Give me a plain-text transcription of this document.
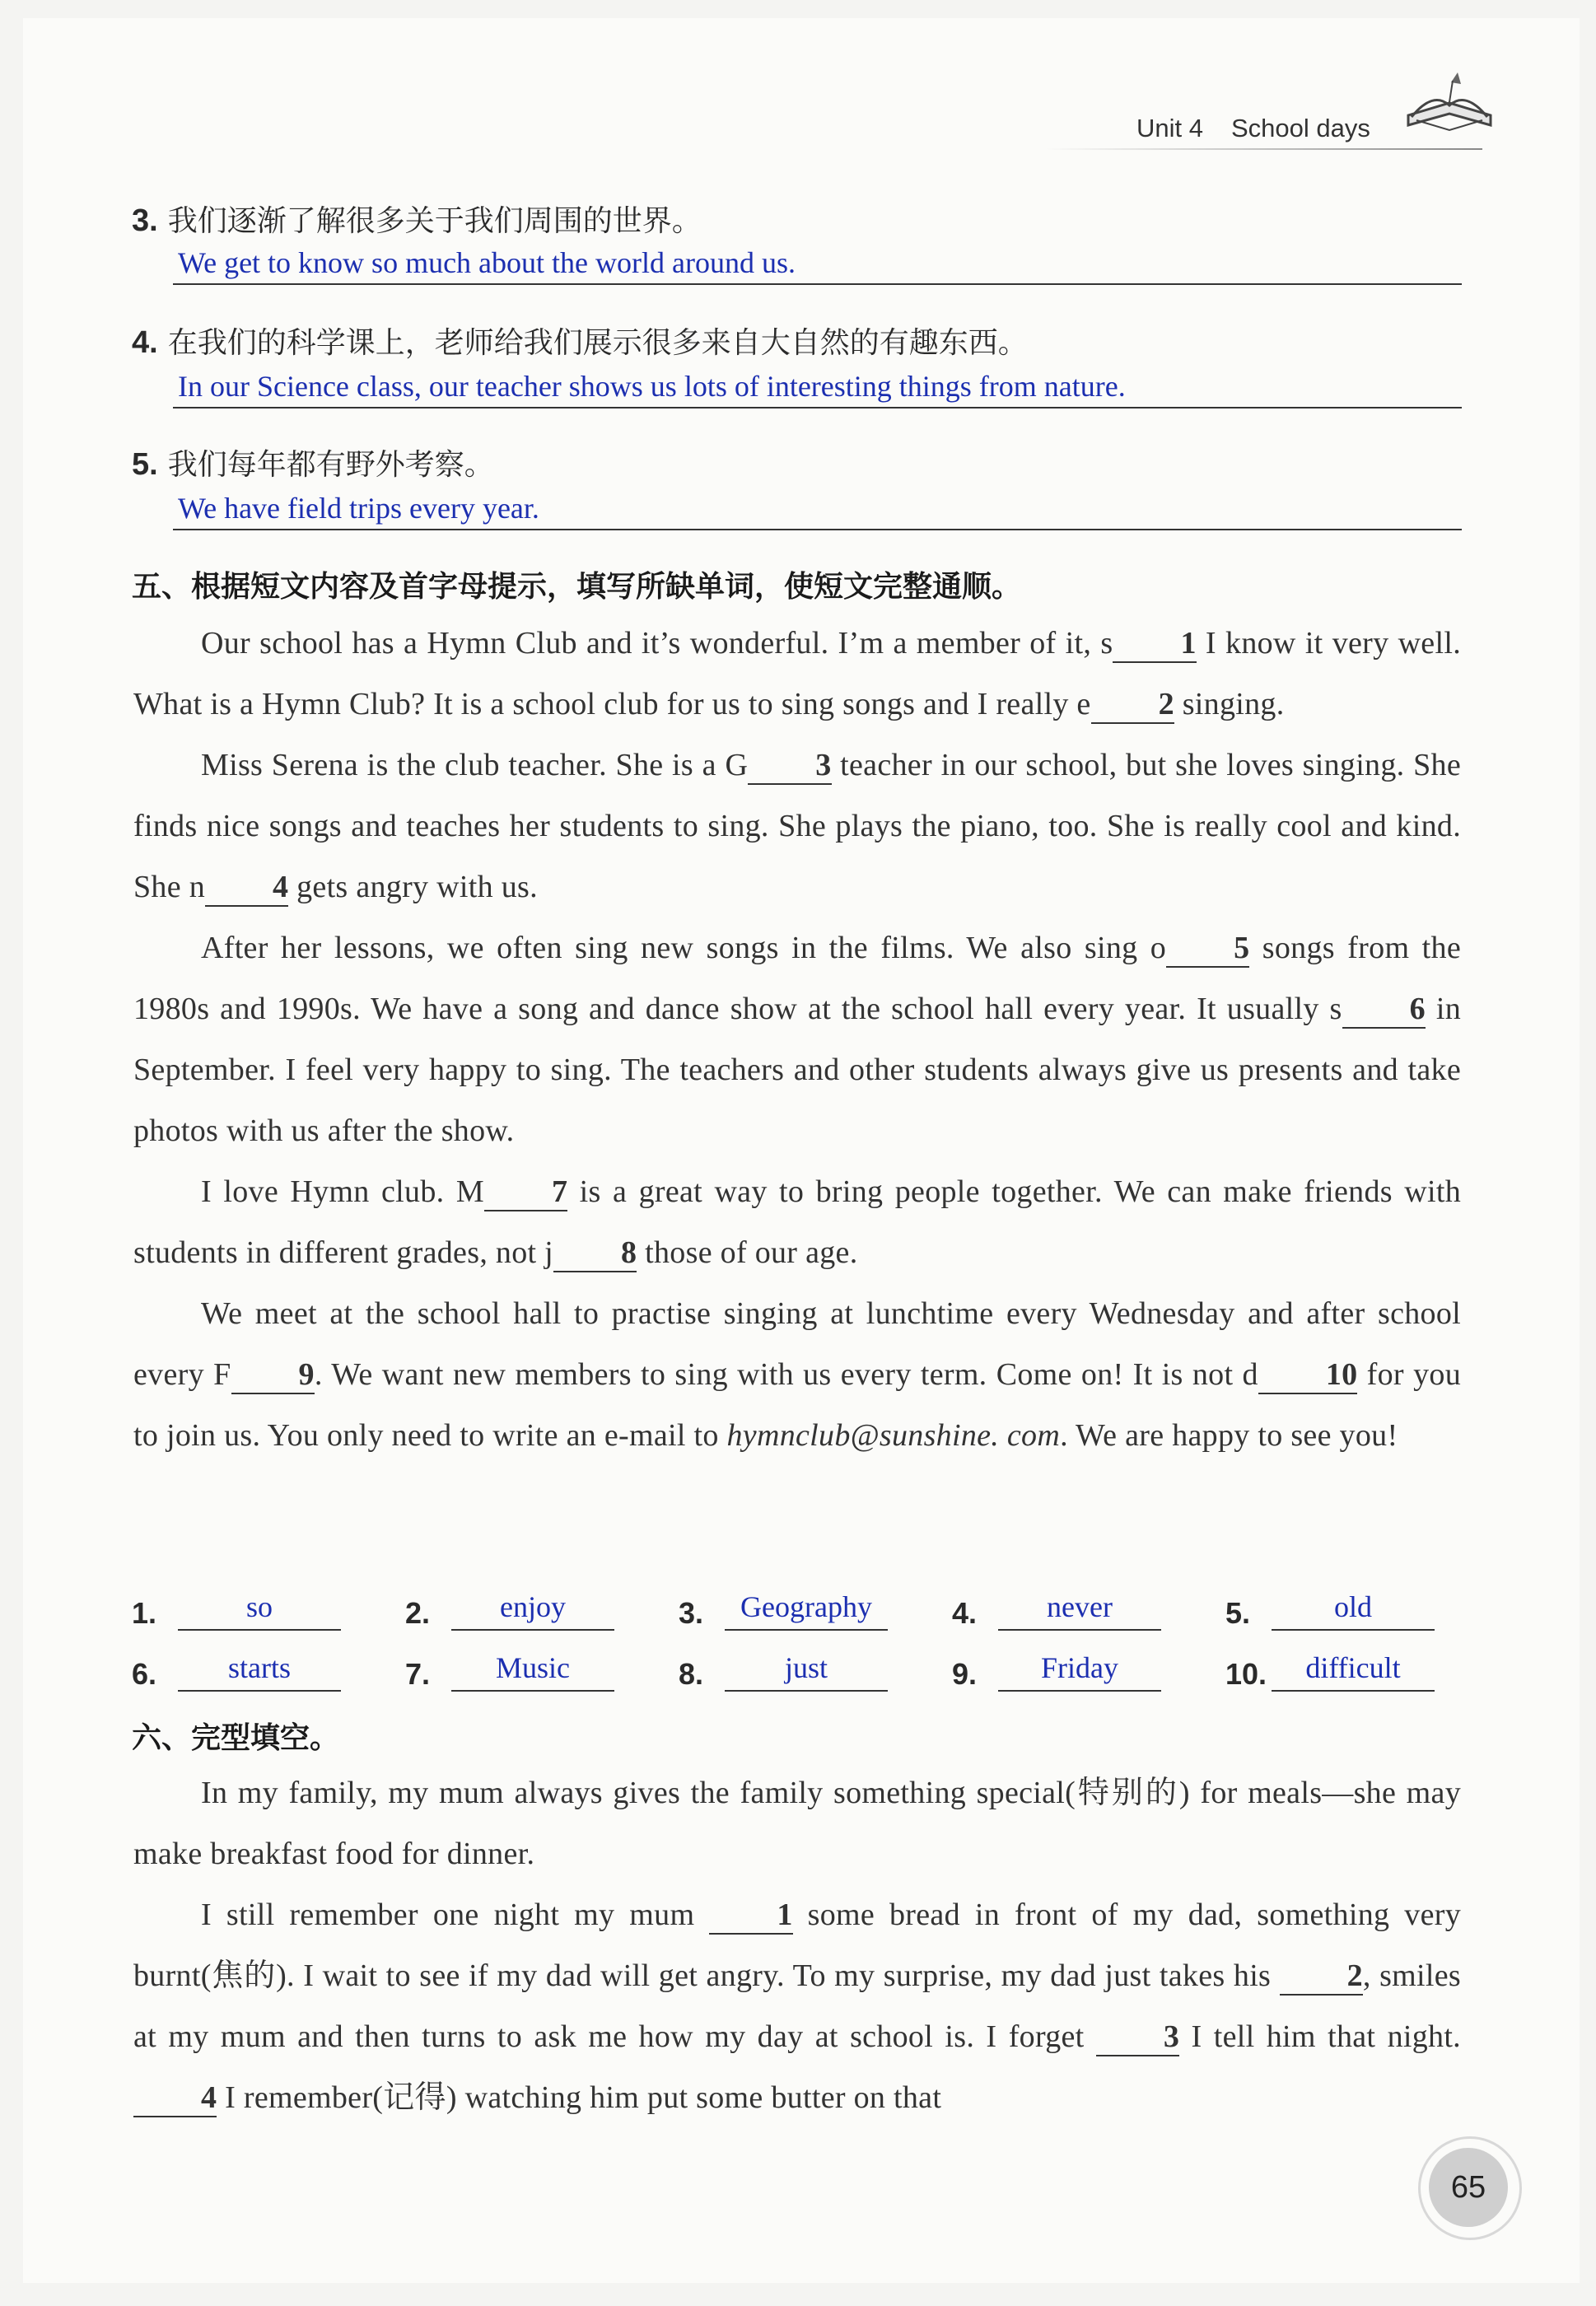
Unit 4 School days
3. 我们逐渐了解很多关于我们周围的世界。
We get to know so much about the world around us.
4. 在我们的科学课上，老师给我们展示很多来自大自然的有趣东西。
In our Science class, our teacher shows us lots of interesting things from nature.
5. 我们每年都有野外考察。
We have field trips every year.
五、根据短文内容及首字母提示，填写所缺单词，使短文完整通顺。

Our school has a Hymn Club and it’s wonderful. I’m a member of it, s 1 I know it very well. What is a Hymn Club? It is a school club for us to sing songs and I really e 2 singing.

Miss Serena is the club teacher. She is a G 3 teacher in our school, but she loves singing. She finds nice songs and teaches her students to sing. She plays the piano, too. She is really cool and kind. She n 4 gets angry with us.

After her lessons, we often sing new songs in the films. We also sing o 5 songs from the 1980s and 1990s. We have a song and dance show at the school hall every year. It usually s 6 in September. I feel very happy to sing. The teachers and other students always give us presents and take photos with us after the show.

I love Hymn club. M 7 is a great way to bring people together. We can make friends with students in different grades, not j 8 those of our age.

We meet at the school hall to practise singing at lunchtime every Wednesday and after school every F 9. We want new members to sing with us every term. Come on! It is not d 10 for you to join us. You only need to write an e-mail to hymnclub@sunshine. com. We are happy to see you!

1.	so	2.	enjoy	3.	Geography	4.	never	5.	old
6.	starts	7.	Music	8.	just	9.	Friday	10.	difficult
六、完型填空。

In my family, my mum always gives the family something special(特别的) for meals—she may make breakfast food for dinner.

I still remember one night my mum 1 some bread in front of my dad, something very burnt(焦的). I wait to see if my dad will get angry. To my surprise, my dad just takes his 2, smiles at my mum and then turns to ask me how my day at school is. I forget 3 I tell him that night. 4 I remember(记得) watching him put some butter on that

65
